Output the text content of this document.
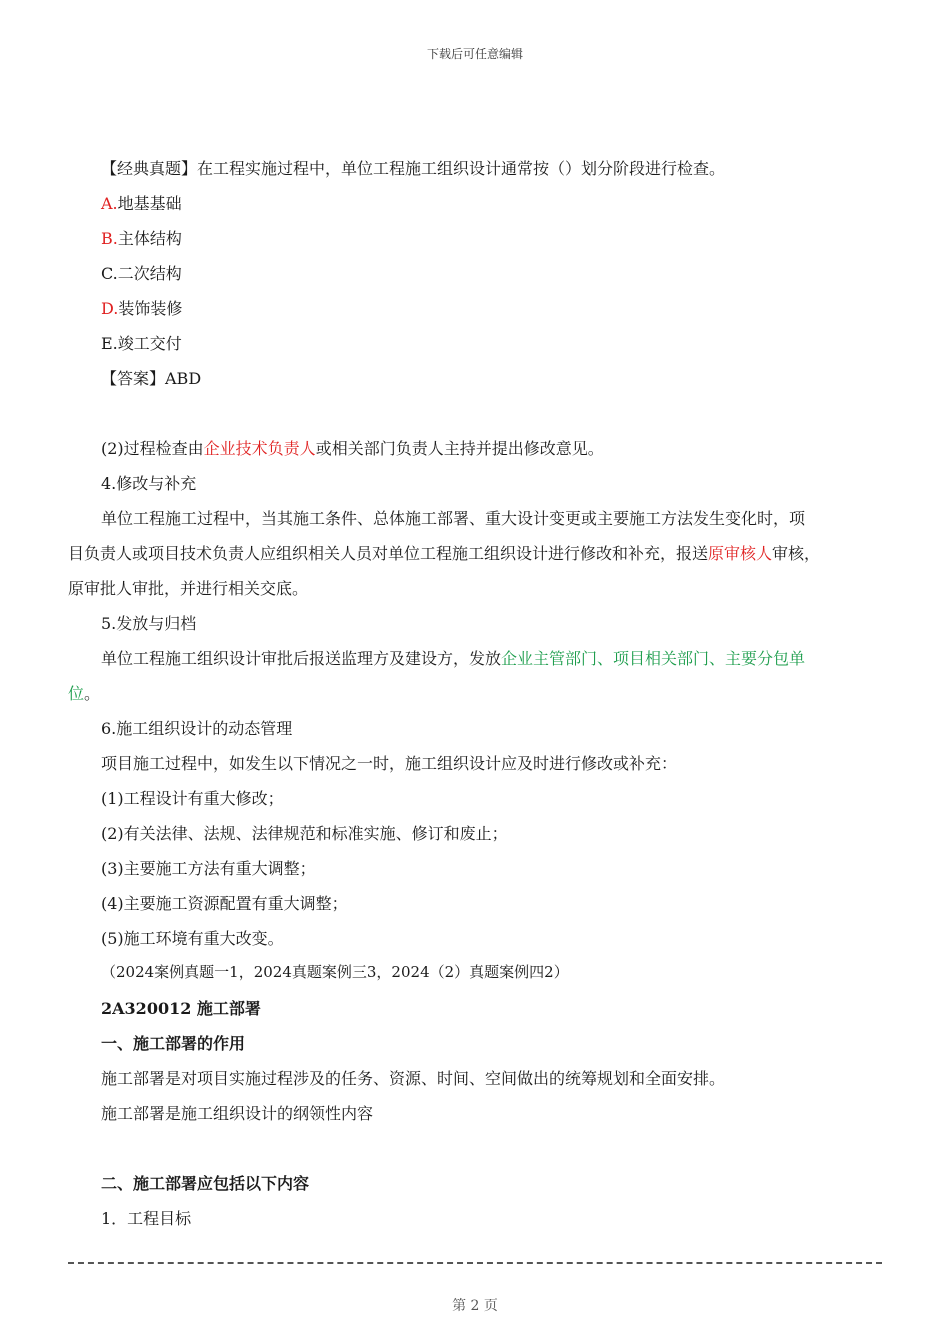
下载后可任意编辑
【经典真题】在工程实施过程中，单位工程施工组织设计通常按（）划分阶段进行检查。
A.地基基础
B.主体结构
C.二次结构
D.装饰装修
E.竣工交付
【答案】ABD
(2)过程检查由企业技术负责人或相关部门负责人主持并提出修改意见。
4.修改与补充
单位工程施工过程中，当其施工条件、总体施工部署、重大设计变更或主要施工方法发生变化时，项
目负责人或项目技术负责人应组织相关人员对单位工程施工组织设计进行修改和补充，报送原审核人审核，
原审批人审批，并进行相关交底。
5.发放与归档
单位工程施工组织设计审批后报送监理方及建设方，发放企业主管部门、项目相关部门、主要分包单
位。
6.施工组织设计的动态管理
项目施工过程中，如发生以下情况之一时，施工组织设计应及时进行修改或补充：
(1)工程设计有重大修改；
(2)有关法律、法规、法律规范和标准实施、修订和废止；
(3)主要施工方法有重大调整；
(4)主要施工资源配置有重大调整；
(5)施工环境有重大改变。
（2024案例真题一1，2024真题案例三3，2024（2）真题案例四2）
2A320012 施工部署
一、施工部署的作用
施工部署是对项目实施过程涉及的任务、资源、时间、空间做出的统筹规划和全面安排。
施工部署是施工组织设计的纲领性内容
二、施工部署应包括以下内容
1．工程目标
第 2 页
